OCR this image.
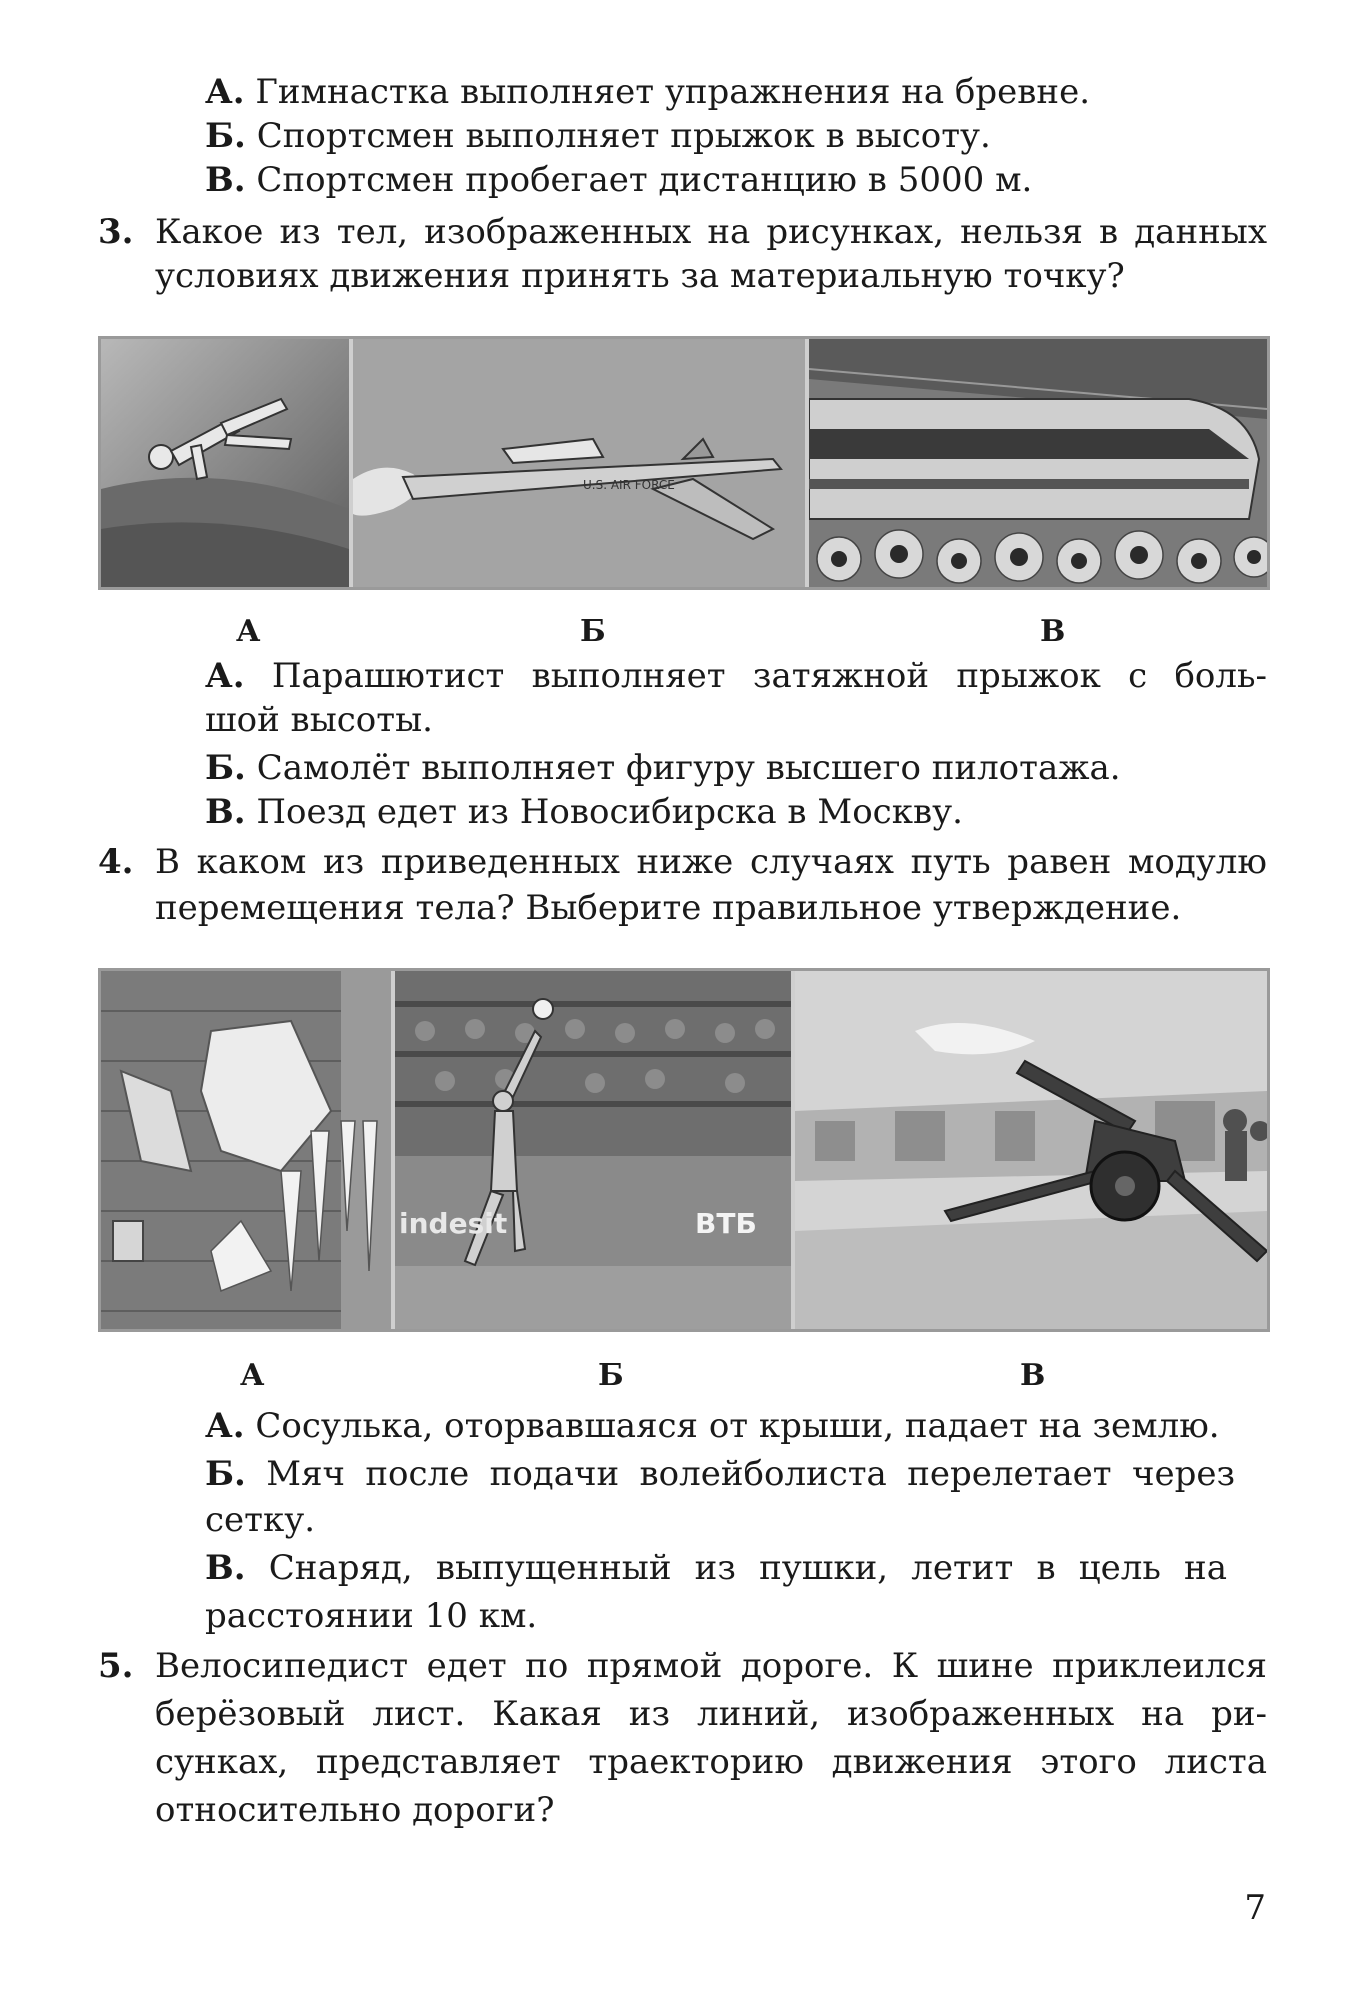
А. Гимнастка выполняет упражнения на бревне.
Б. Спортсмен выполняет прыжок в высоту.
В. Спортсмен пробегает дистанцию в 5000 м.
3. Какое из тел, изображенных на рисунках, нельзя в данных
условиях движения принять за материальную точку?
U.S. AIR FORCE
А	Б	В
А. Парашютист выполняет затяжной прыжок с боль-
шой высоты.
Б. Самолёт выполняет фигуру высшего пилотажа.
В. Поезд едет из Новосибирска в Москву.
4. В каком из приведенных ниже случаях путь равен модулю
перемещения тела? Выберите правильное утверждение.
indesit	ВТБ
А	Б	В
А. Сосулька, оторвавшаяся от крыши, падает на землю.
Б. Мяч после подачи волейболиста перелетает через
сетку.
В. Снаряд, выпущенный из пушки, летит в цель на
расстоянии 10 км.
5. Велосипедист едет по прямой дороге. К шине приклеился
берёзовый лист. Какая из линий, изображенных на ри-
сунках, представляет траекторию движения этого листа
относительно дороги?
7
